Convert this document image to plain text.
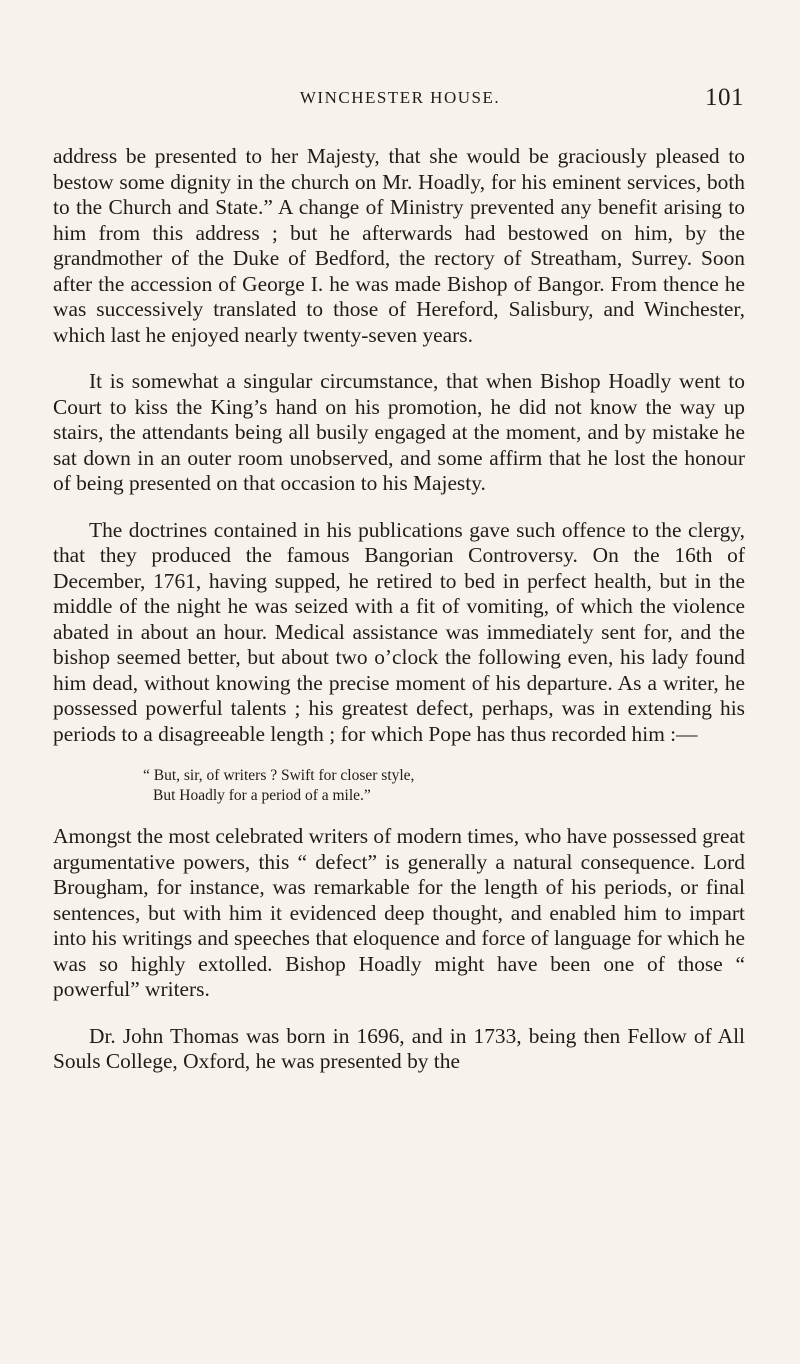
WINCHESTER HOUSE.	101

address be presented to her Majesty, that she would be graciously pleased to bestow some dignity in the church on Mr. Hoadly, for his eminent services, both to the Church and State.” A change of Ministry prevented any benefit arising to him from this address ; but he afterwards had bestowed on him, by the grandmother of the Duke of Bedford, the rectory of Streatham, Surrey. Soon after the accession of George I. he was made Bishop of Bangor. From thence he was successively translated to those of Hereford, Salisbury, and Winchester, which last he enjoyed nearly twenty-seven years.

It is somewhat a singular circumstance, that when Bishop Hoadly went to Court to kiss the King’s hand on his promotion, he did not know the way up stairs, the attendants being all busily engaged at the moment, and by mistake he sat down in an outer room unobserved, and some affirm that he lost the honour of being presented on that occasion to his Majesty.

The doctrines contained in his publications gave such offence to the clergy, that they produced the famous Bangorian Controversy. On the 16th of December, 1761, having supped, he retired to bed in perfect health, but in the middle of the night he was seized with a fit of vomiting, of which the violence abated in about an hour. Medical assistance was immediately sent for, and the bishop seemed better, but about two o’clock the following even, his lady found him dead, without knowing the precise moment of his departure. As a writer, he possessed powerful talents ; his greatest defect, perhaps, was in extending his periods to a disagreeable length ; for which Pope has thus recorded him :—

“ But, sir, of writers ? Swift for closer style,
But Hoadly for a period of a mile.”

Amongst the most celebrated writers of modern times, who have possessed great argumentative powers, this “ defect” is generally a natural consequence. Lord Brougham, for instance, was remarkable for the length of his periods, or final sentences, but with him it evidenced deep thought, and enabled him to impart into his writings and speeches that eloquence and force of language for which he was so highly extolled. Bishop Hoadly might have been one of those “ powerful” writers.

Dr. John Thomas was born in 1696, and in 1733, being then Fellow of All Souls College, Oxford, he was presented by the
